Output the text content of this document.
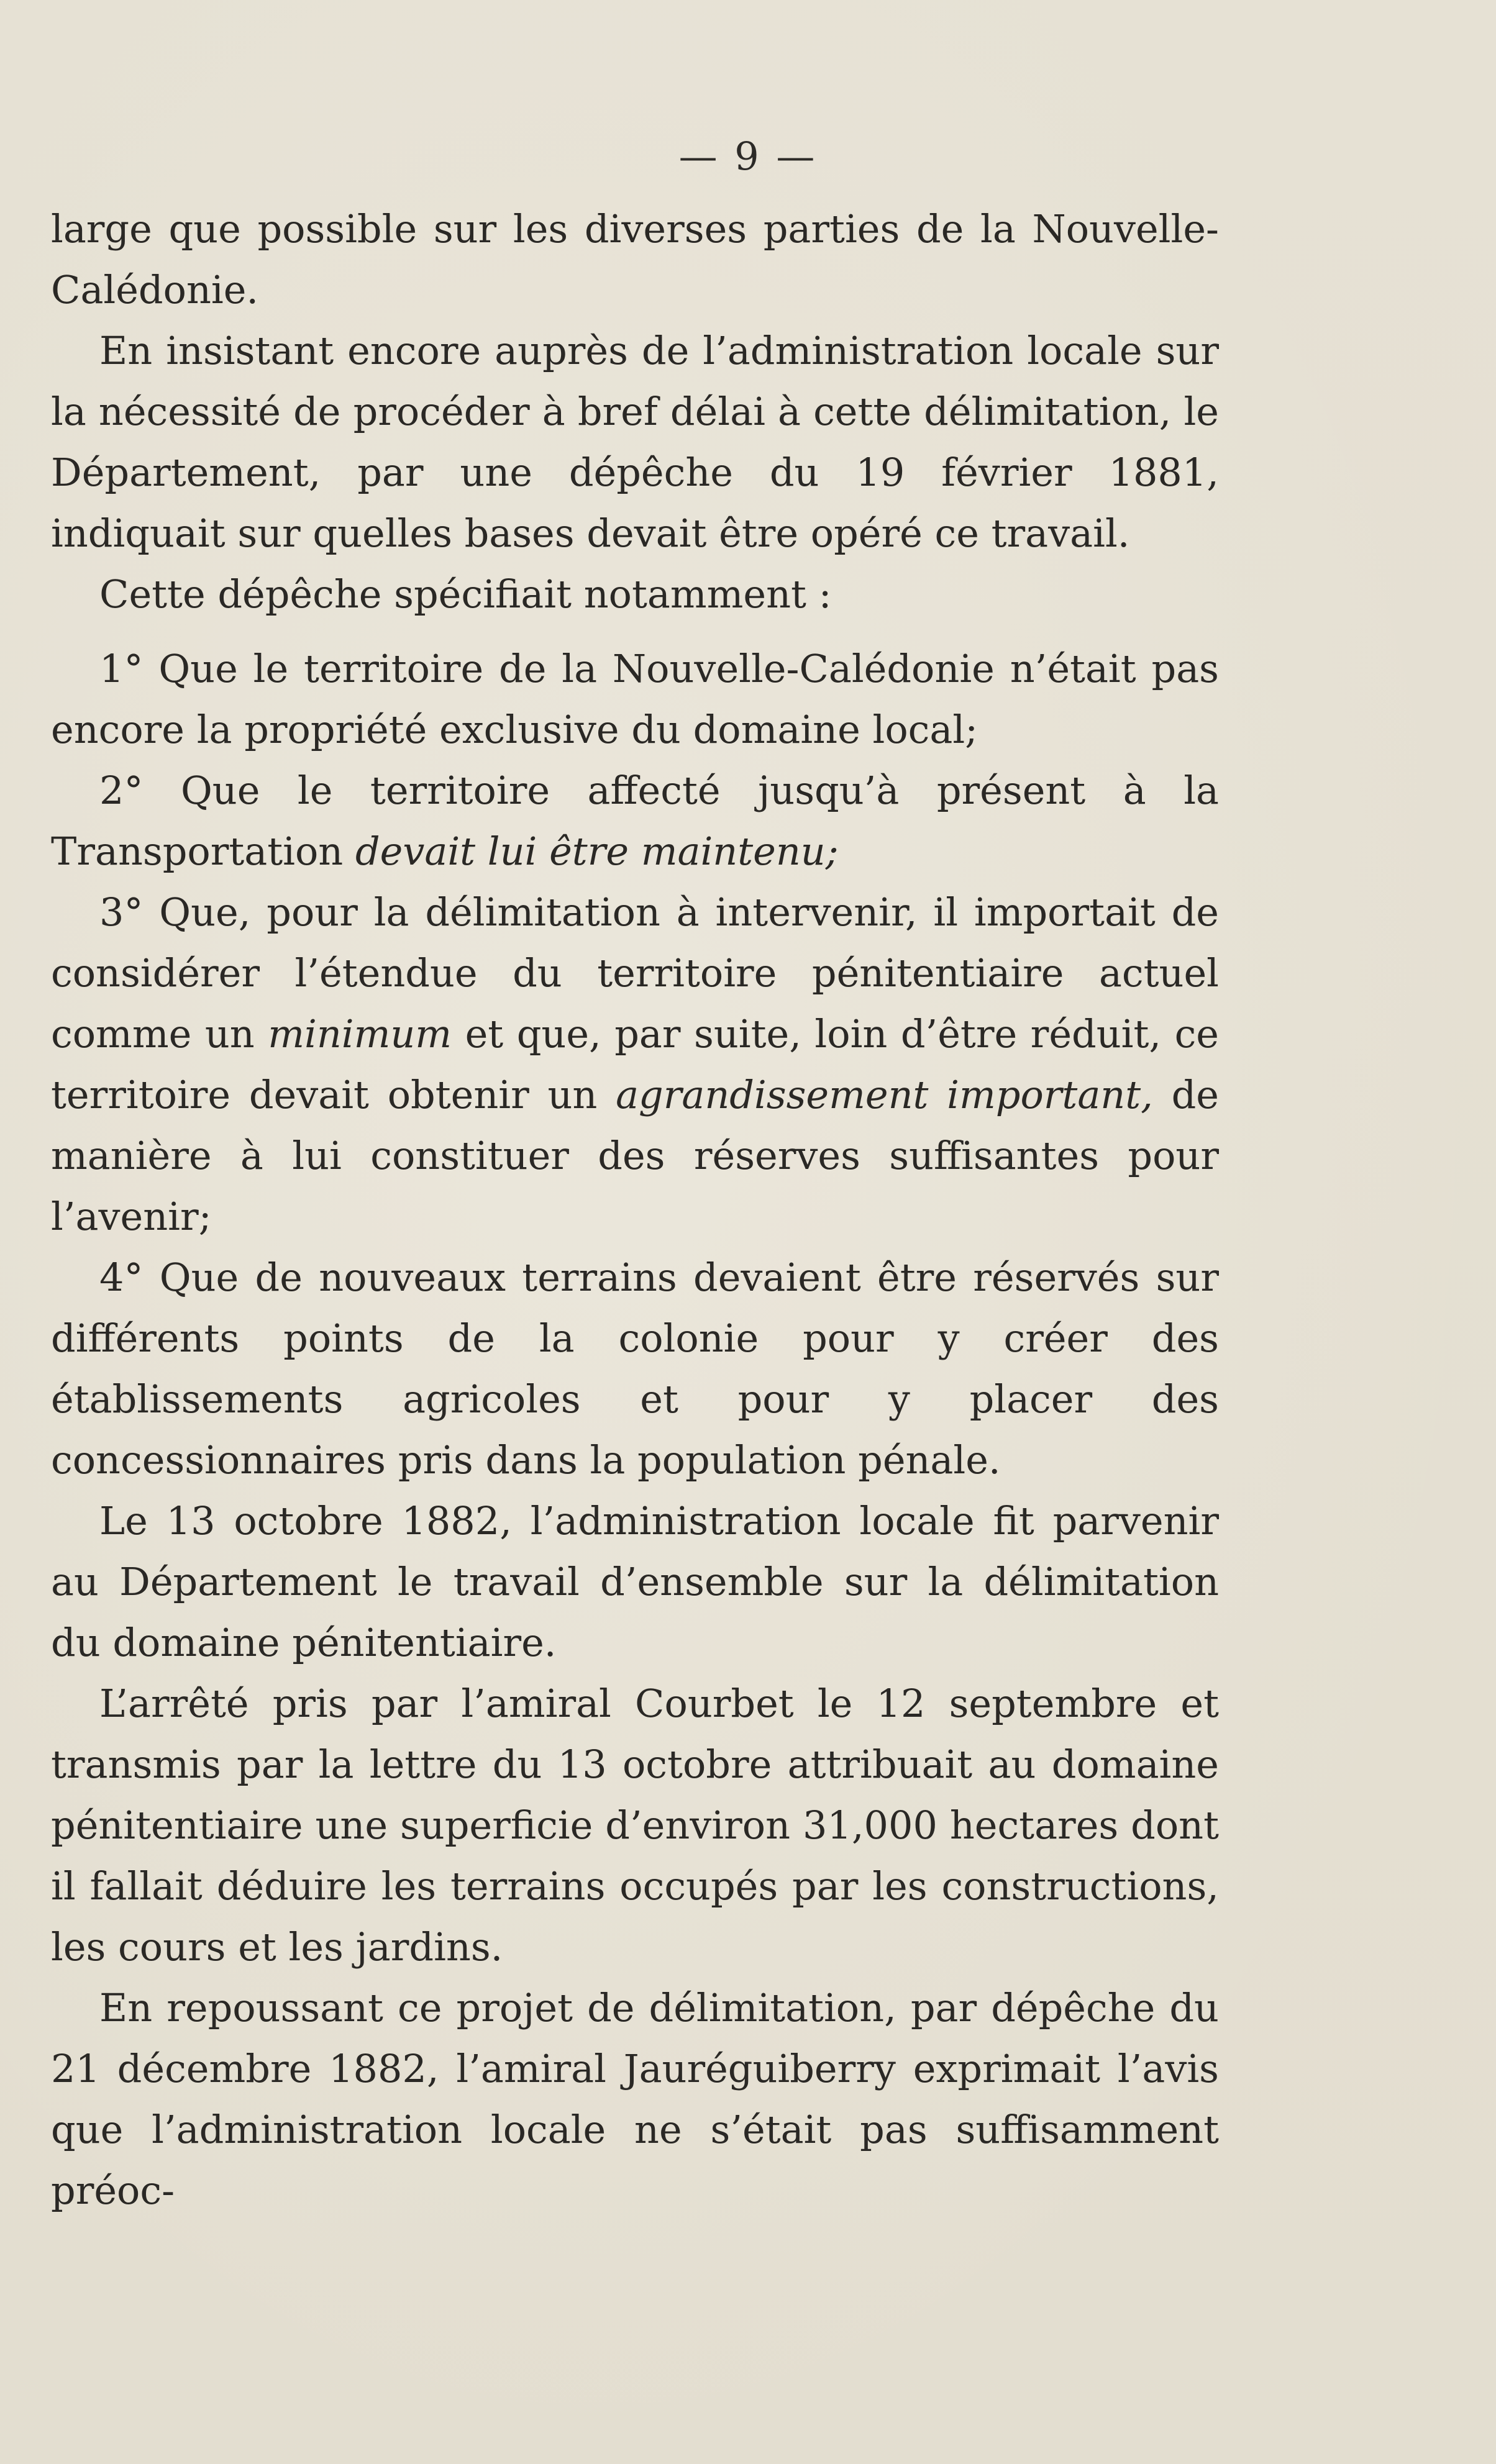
— 9 —

large que possible sur les diverses parties de la Nouvelle-Calédonie.

En insistant encore auprès de l’administration locale sur la nécessité de procéder à bref délai à cette délimitation, le Département, par une dépêche du 19 février 1881, indiquait sur quelles bases devait être opéré ce travail.

Cette dépêche spécifiait notamment :

1° Que le territoire de la Nouvelle-Calédonie n’était pas encore la propriété exclusive du domaine local;

2° Que le territoire affecté jusqu’à présent à la Transportation devait lui être maintenu;

3° Que, pour la délimitation à intervenir, il importait de considérer l’étendue du territoire pénitentiaire actuel comme un minimum et que, par suite, loin d’être réduit, ce territoire devait obtenir un agrandissement important, de manière à lui constituer des réserves suffisantes pour l’avenir;

4° Que de nouveaux terrains devaient être réservés sur différents points de la colonie pour y créer des établissements agricoles et pour y placer des concessionnaires pris dans la population pénale.

Le 13 octobre 1882, l’administration locale fit parvenir au Département le travail d’ensemble sur la délimitation du domaine pénitentiaire.

L’arrêté pris par l’amiral Courbet le 12 septembre et transmis par la lettre du 13 octobre attribuait au domaine pénitentiaire une superficie d’environ 31,000 hectares dont il fallait déduire les terrains occupés par les constructions, les cours et les jardins.

En repoussant ce projet de délimitation, par dépêche du 21 décembre 1882, l’amiral Jauréguiberry exprimait l’avis que l’administration locale ne s’était pas suffisamment préoc-
